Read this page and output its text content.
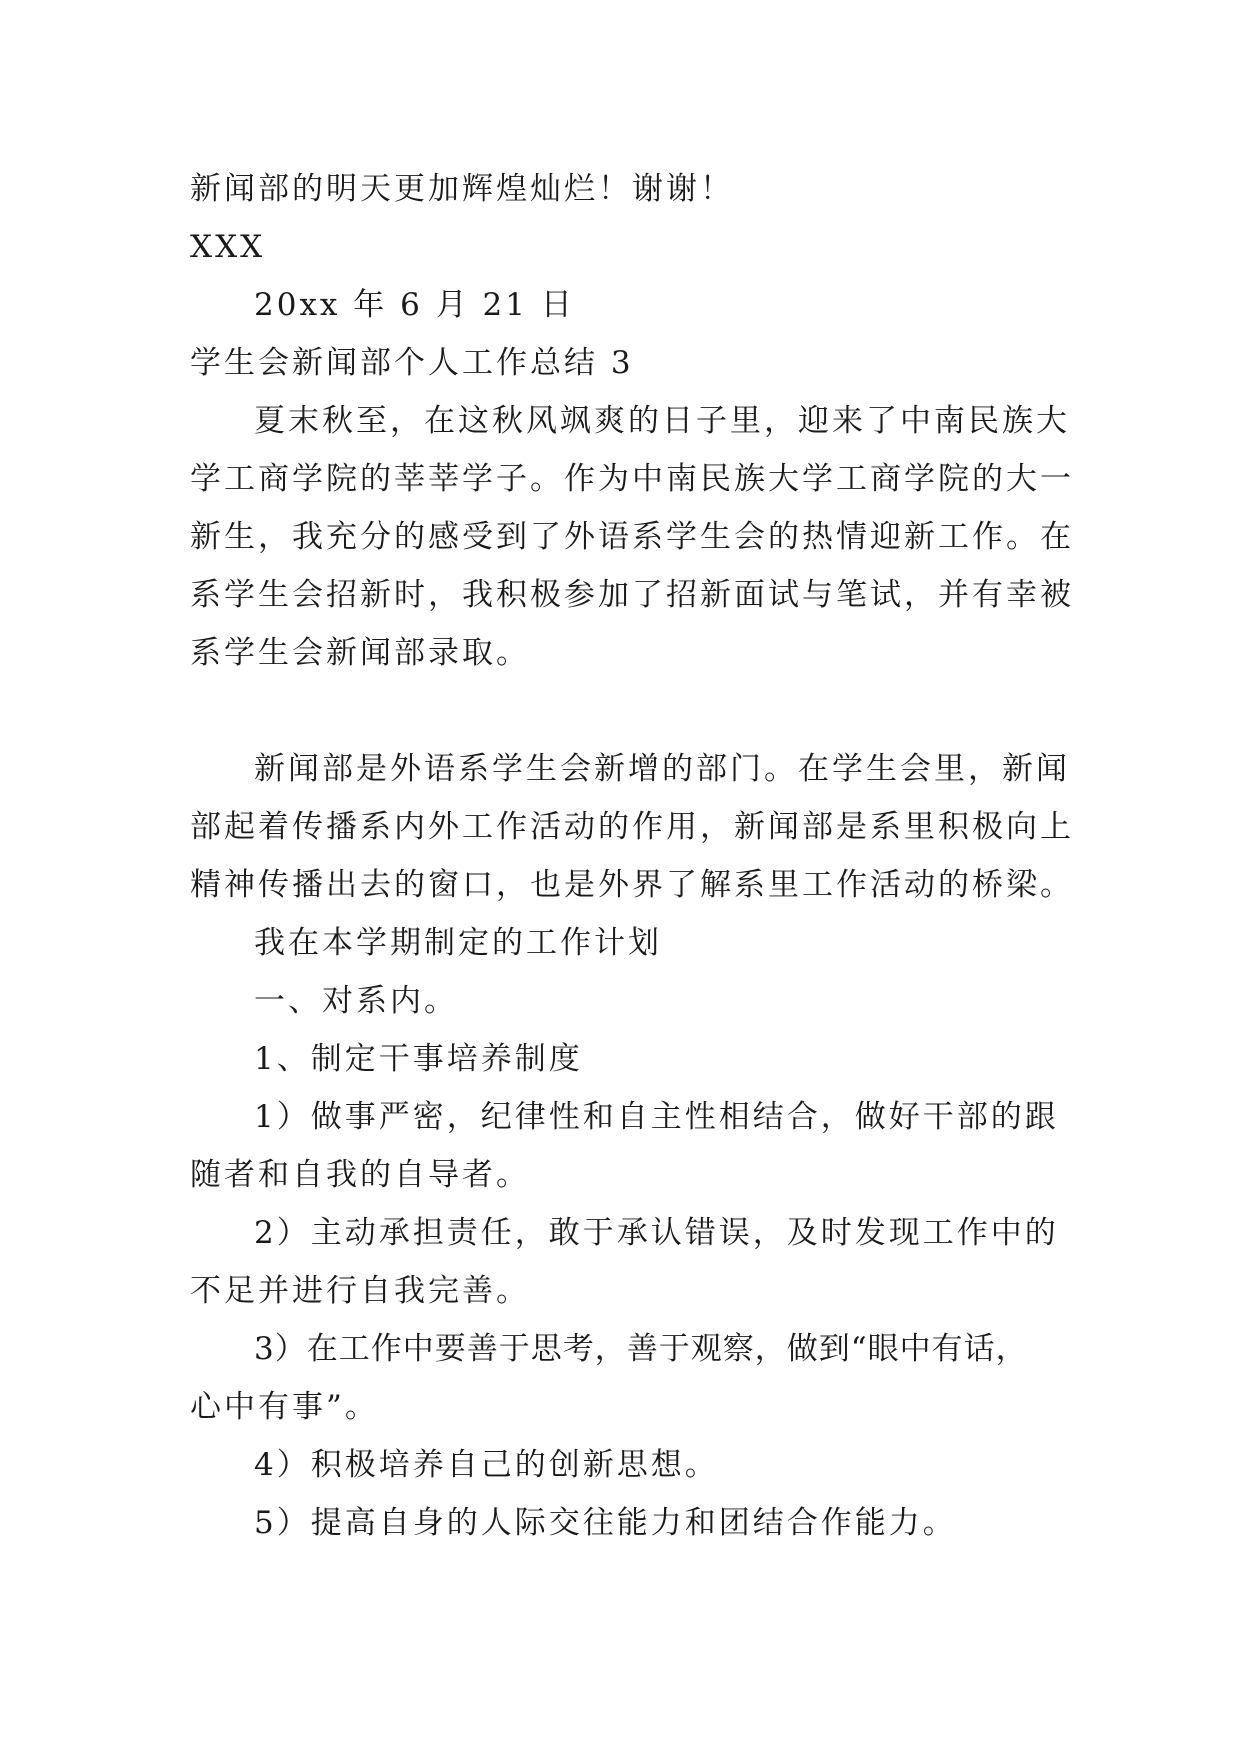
新闻部的明天更加辉煌灿烂！谢谢！
XXX
20xx 年 6 月 21 日
学生会新闻部个人工作总结 3
夏末秋至，在这秋风飒爽的日子里，迎来了中南民族大
学工商学院的莘莘学子。作为中南民族大学工商学院的大一
新生，我充分的感受到了外语系学生会的热情迎新工作。在
系学生会招新时，我积极参加了招新面试与笔试，并有幸被
系学生会新闻部录取。
新闻部是外语系学生会新增的部门。在学生会里，新闻
部起着传播系内外工作活动的作用，新闻部是系里积极向上
精神传播出去的窗口，也是外界了解系里工作活动的桥梁。
我在本学期制定的工作计划
一、对系内。
1、制定干事培养制度
1）做事严密，纪律性和自主性相结合，做好干部的跟
随者和自我的自导者。
2）主动承担责任，敢于承认错误，及时发现工作中的
不足并进行自我完善。
3）在工作中要善于思考，善于观察，做到“眼中有话，
心中有事”。
4）积极培养自己的创新思想。
5）提高自身的人际交往能力和团结合作能力。
